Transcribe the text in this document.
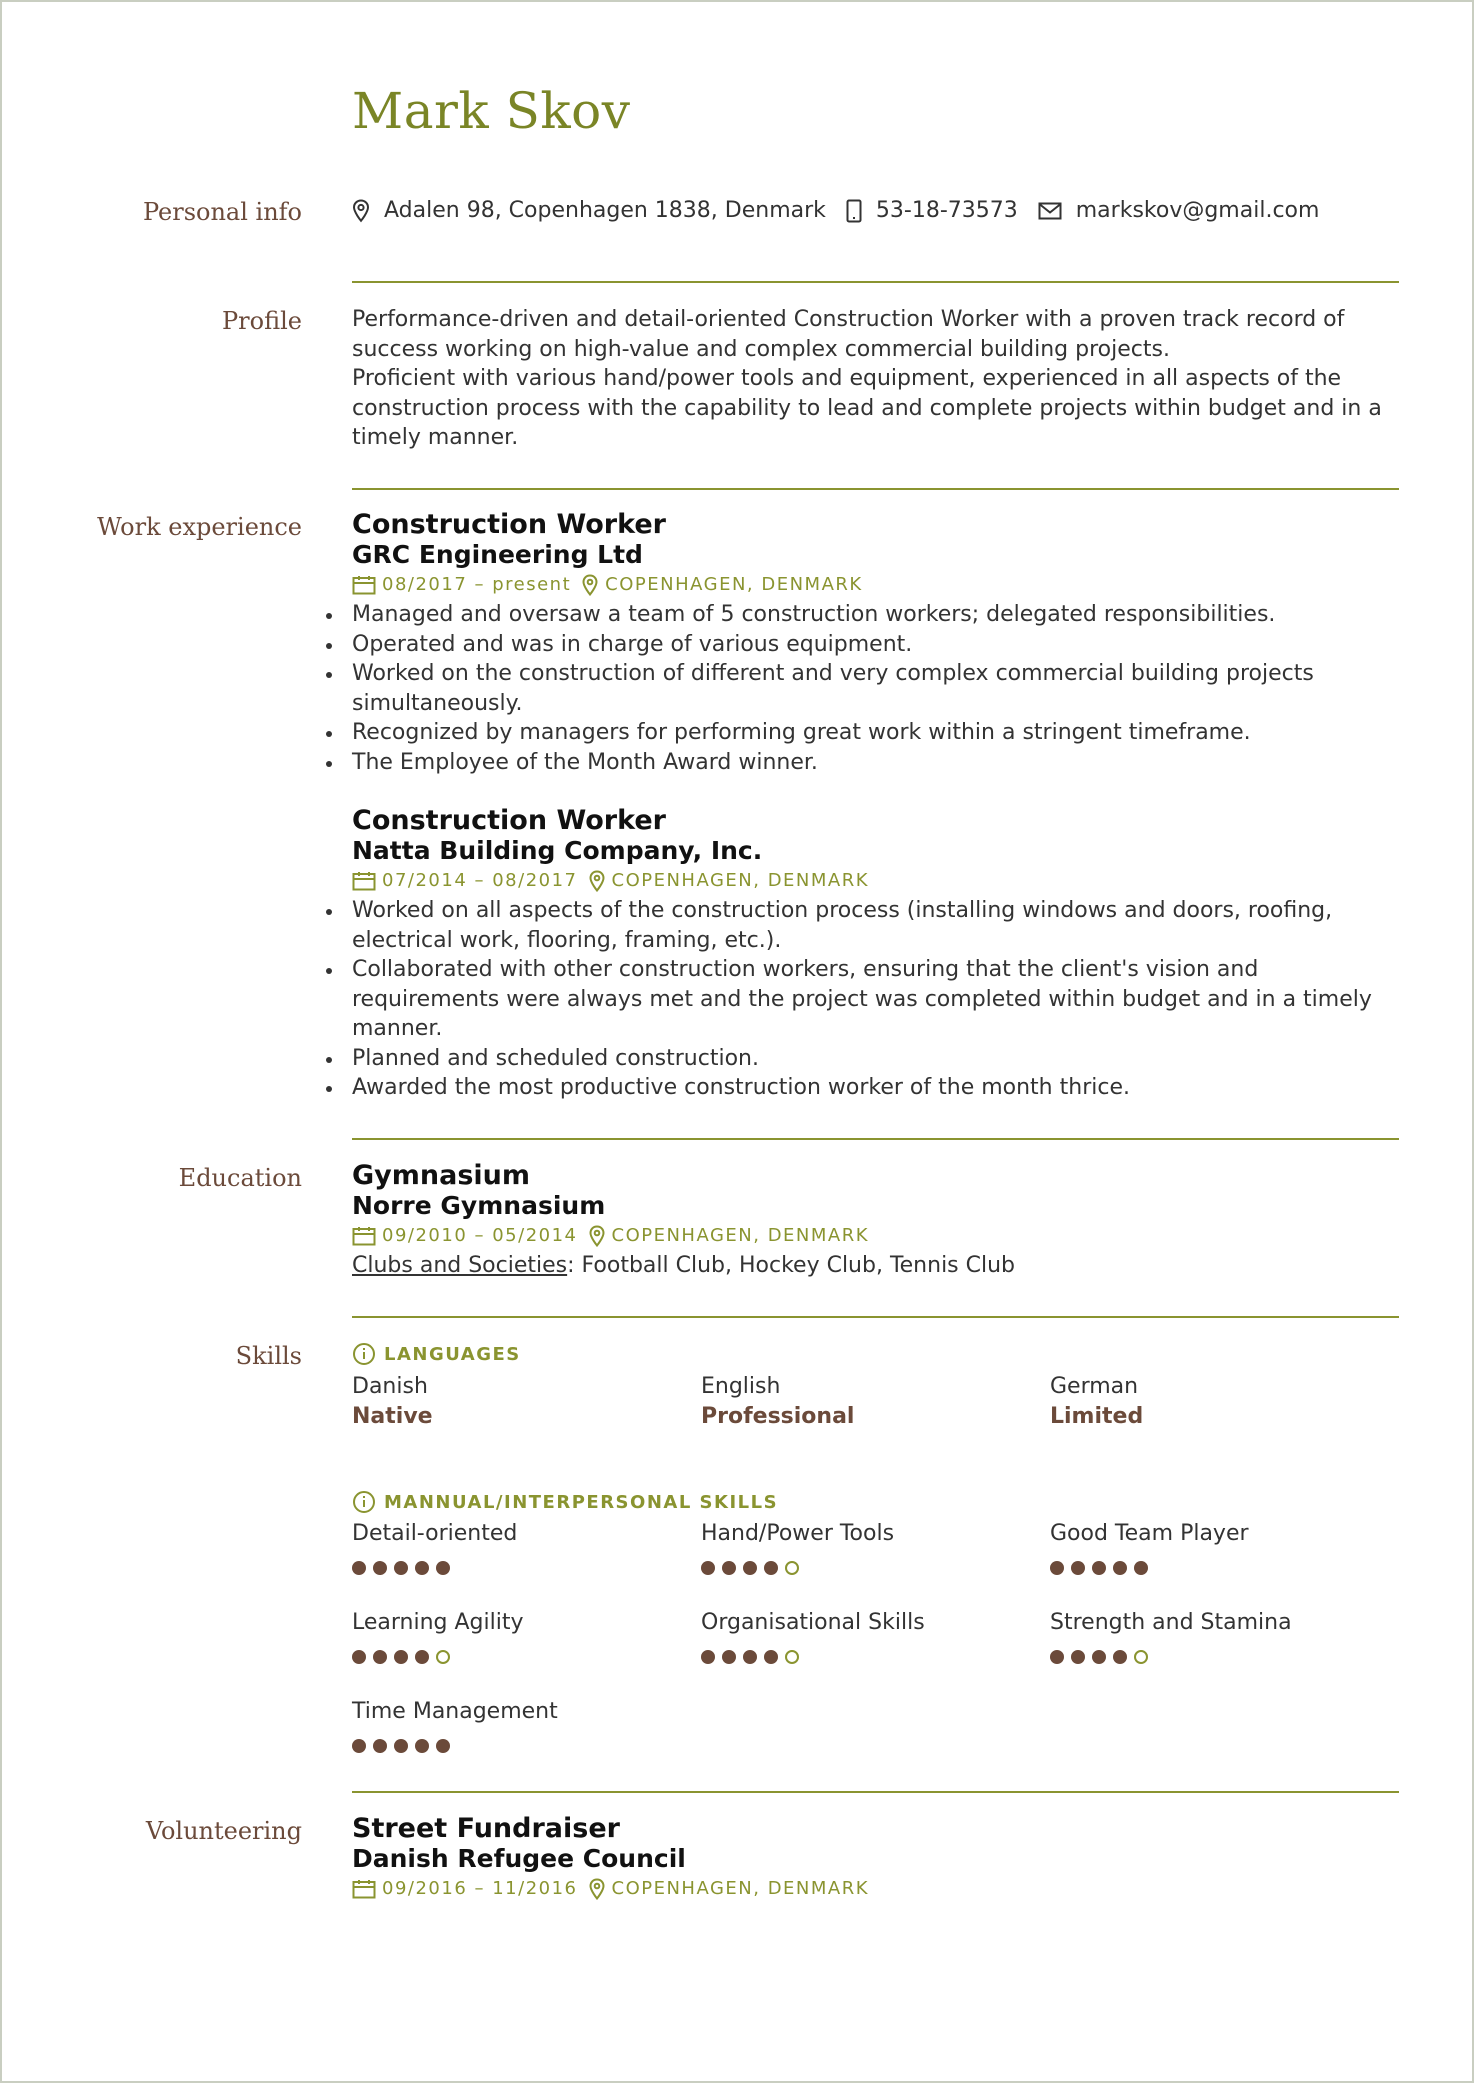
Mark Skov
Personal info	Adalen 98, Copenhagen 1838, Denmark 53-18-73573	markskov@gmail.com
Profile Performance-driven and detail-oriented Construction Worker with a proven track record of success working on high-value and complex commercial building projects.

Proficient with various hand/power tools and equipment, experienced in all aspects of the construction process with the capability to lead and complete projects within budget and in a timely manner.

Work experience Construction Worker
GRC Engineering Ltd
08/2017 – present COPENHAGEN, DENMARK
Managed and oversaw a team of 5 construction workers; delegated responsibilities.
Operated and was in charge of various equipment.
Worked on the construction of different and very complex commercial building projects simultaneously.
Recognized by managers for performing great work within a stringent timeframe.
The Employee of the Month Award winner.
Construction Worker
Natta Building Company, Inc.
07/2014 – 08/2017 COPENHAGEN, DENMARK
Worked on all aspects of the construction process (installing windows and doors, roofing, electrical work, flooring, framing, etc.).
Collaborated with other construction workers, ensuring that the client's vision and requirements were always met and the project was completed within budget and in a timely manner.
Planned and scheduled construction.
Awarded the most productive construction worker of the month thrice.
Education Gymnasium
Norre Gymnasium
09/2010 – 05/2014 COPENHAGEN, DENMARK
Clubs and Societies: Football Club, Hockey Club, Tennis Club
Skills	LANGUAGES
Danish
Native
English
Professional
German
Limited
MANNUAL/INTERPERSONAL SKILLS
Detail-oriented	Hand/Power Tools	Good Team Player
Learning Agility	Organisational Skills	Strength and Stamina
Time Management
Volunteering Street Fundraiser
Danish Refugee Council
09/2016 – 11/2016 COPENHAGEN, DENMARK
